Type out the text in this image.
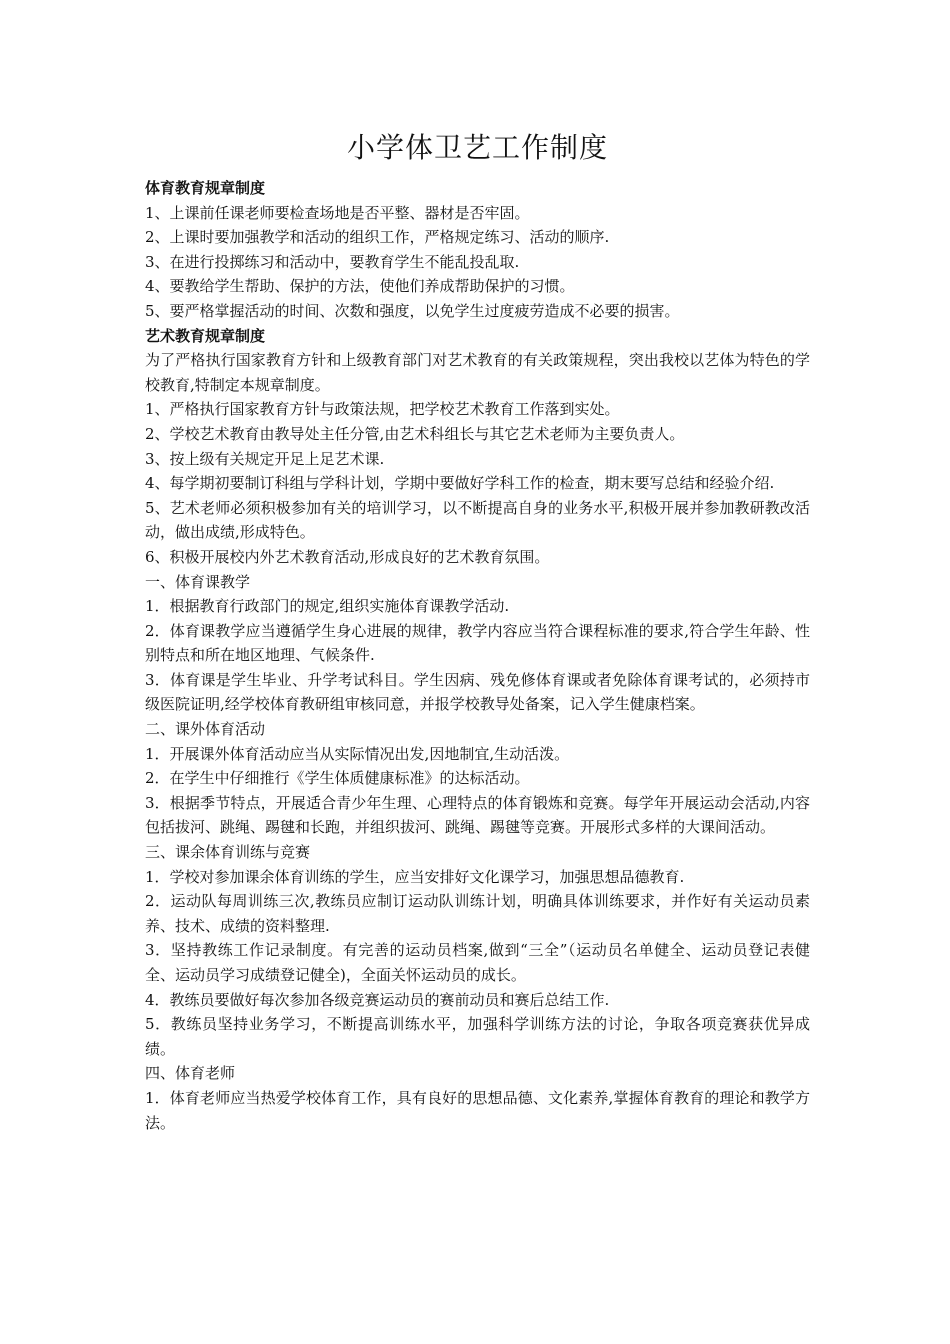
小学体卫艺工作制度

体育教育规章制度

1、上课前任课老师要检查场地是否平整、器材是否牢固。

2、上课时要加强教学和活动的组织工作，严格规定练习、活动的顺序.

3、在进行投掷练习和活动中，要教育学生不能乱投乱取.

4、要教给学生帮助、保护的方法，使他们养成帮助保护的习惯。

5、要严格掌握活动的时间、次数和强度，以免学生过度疲劳造成不必要的损害。

艺术教育规章制度

为了严格执行国家教育方针和上级教育部门对艺术教育的有关政策规程，突出我校以艺体为特色的学校教育,特制定本规章制度。

1、严格执行国家教育方针与政策法规，把学校艺术教育工作落到实处。

2、学校艺术教育由教导处主任分管,由艺术科组长与其它艺术老师为主要负责人。

3、按上级有关规定开足上足艺术课.

4、每学期初要制订科组与学科计划，学期中要做好学科工作的检查，期末要写总结和经验介绍.

5、艺术老师必须积极参加有关的培训学习，以不断提高自身的业务水平,积极开展并参加教研教改活动，做出成绩,形成特色。

6、积极开展校内外艺术教育活动,形成良好的艺术教育氛围。

一、体育课教学

1．根据教育行政部门的规定,组织实施体育课教学活动.

2．体育课教学应当遵循学生身心进展的规律，教学内容应当符合课程标准的要求,符合学生年龄、性别特点和所在地区地理、气候条件.

3．体育课是学生毕业、升学考试科目。学生因病、残免修体育课或者免除体育课考试的，必须持市级医院证明,经学校体育教研组审核同意，并报学校教导处备案，记入学生健康档案。

二、课外体育活动

1．开展课外体育活动应当从实际情况出发,因地制宜,生动活泼。

2．在学生中仔细推行《学生体质健康标准》的达标活动。

3．根据季节特点，开展适合青少年生理、心理特点的体育锻炼和竞赛。每学年开展运动会活动,内容包括拔河、跳绳、踢毽和长跑，并组织拔河、跳绳、踢毽等竞赛。开展形式多样的大课间活动。

三、课余体育训练与竞赛

1．学校对参加课余体育训练的学生，应当安排好文化课学习，加强思想品德教育.

2．运动队每周训练三次,教练员应制订运动队训练计划，明确具体训练要求，并作好有关运动员素养、技术、成绩的资料整理.

3．坚持教练工作记录制度。有完善的运动员档案,做到“三全”（运动员名单健全、运动员登记表健全、运动员学习成绩登记健全)，全面关怀运动员的成长。

4．教练员要做好每次参加各级竞赛运动员的赛前动员和赛后总结工作.

5．教练员坚持业务学习，不断提高训练水平，加强科学训练方法的讨论，争取各项竞赛获优异成绩。

四、体育老师

1．体育老师应当热爱学校体育工作，具有良好的思想品德、文化素养,掌握体育教育的理论和教学方法。
